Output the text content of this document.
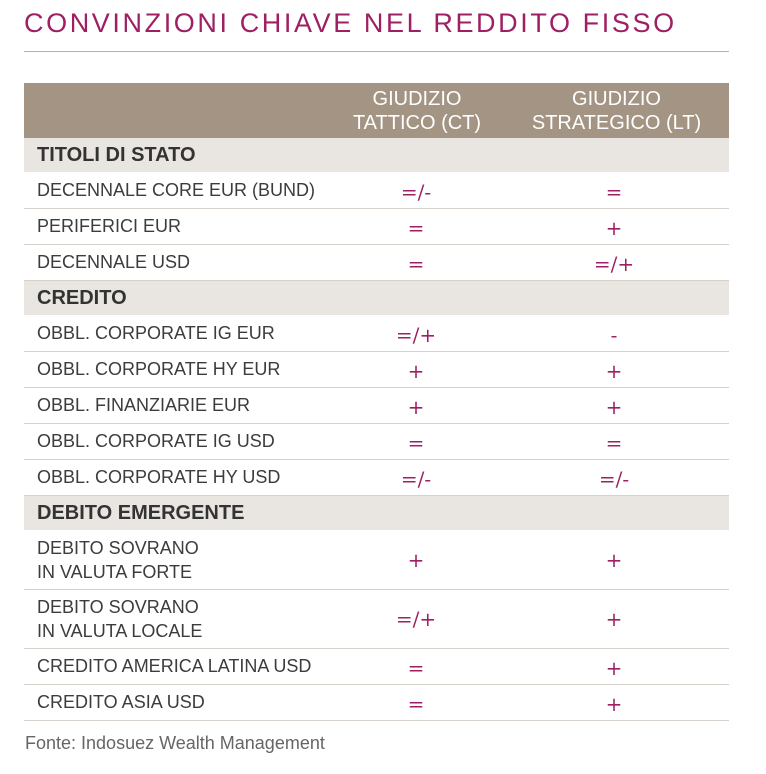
CONVINZIONI CHIAVE NEL REDDITO FISSO
GIUDIZIO
TATTICO (CT)
GIUDIZIO
STRATEGICO (LT)
TITOLI DI STATO
DECENNALE CORE EUR (BUND)	=/-	=
PERIFERICI EUR	=	+
DECENNALE USD	=	=/+
CREDITO
OBBL. CORPORATE IG EUR	=/+	-
OBBL. CORPORATE HY EUR	+	+
OBBL. FINANZIARIE EUR	+	+
OBBL. CORPORATE IG USD	=	=
OBBL. CORPORATE HY USD	=/-	=/-
DEBITO EMERGENTE
DEBITO SOVRANO
IN VALUTA FORTE	+	+
DEBITO SOVRANO
IN VALUTA LOCALE	=/+	+
CREDITO AMERICA LATINA USD	=	+
CREDITO ASIA USD	=	+
Fonte: Indosuez Wealth Management
